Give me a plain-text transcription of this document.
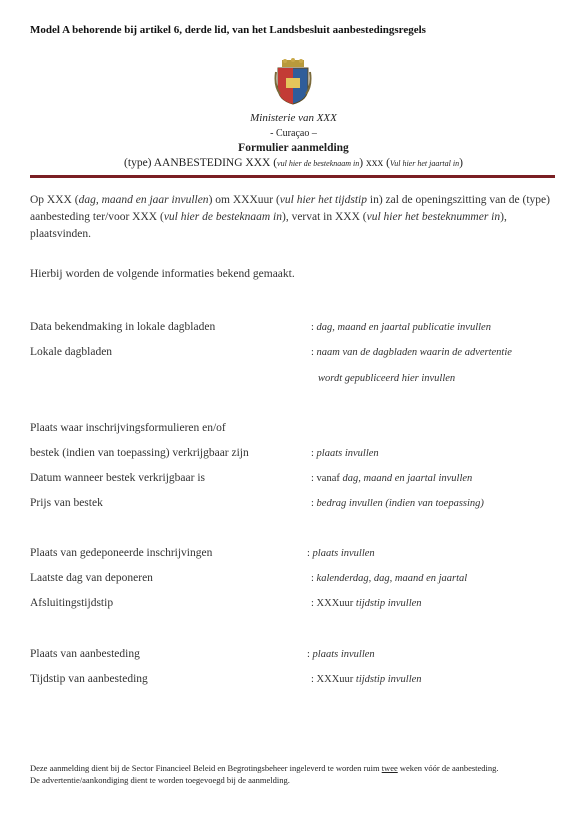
Model A behorende bij artikel 6, derde lid, van het Landsbesluit aanbestedingsregels
Ministerie van XXX
- Curaçao –
Formulier aanmelding
(type) AANBESTEDING XXX (vul hier de besteknaam in) xxx (Vul hier het jaartal in)
Op XXX (dag, maand en jaar invullen) om XXXuur (vul hier het tijdstip in) zal de openingszitting van de (type) aanbesteding ter/voor XXX (vul hier de besteknaam in), vervat in XXX (vul hier het besteknummer in), plaatsvinden.
Hierbij worden de volgende informaties bekend gemaakt.
Data bekendmaking in lokale dagbladen	: dag, maand en jaartal publicatie invullen
Lokale dagbladen	: naam van de dagbladen waarin de advertentie
wordt gepubliceerd hier invullen
Plaats waar inschrijvingsformulieren en/of
bestek (indien van toepassing) verkrijgbaar zijn	: plaats invullen
Datum wanneer bestek verkrijgbaar is	: vanaf dag, maand en jaartal invullen
Prijs van bestek	: bedrag invullen (indien van toepassing)
Plaats van gedeponeerde inschrijvingen	: plaats invullen
Laatste dag van deponeren	: kalenderdag, dag, maand en jaartal
Afsluitingstijdstip	: XXXuur tijdstip invullen
Plaats van aanbesteding	: plaats invullen
Tijdstip van aanbesteding	: XXXuur tijdstip invullen
Deze aanmelding dient bij de Sector Financieel Beleid en Begrotingsbeheer ingeleverd te worden ruim twee weken vóór de aanbesteding.
De advertentie/aankondiging dient te worden toegevoegd bij de aanmelding.
